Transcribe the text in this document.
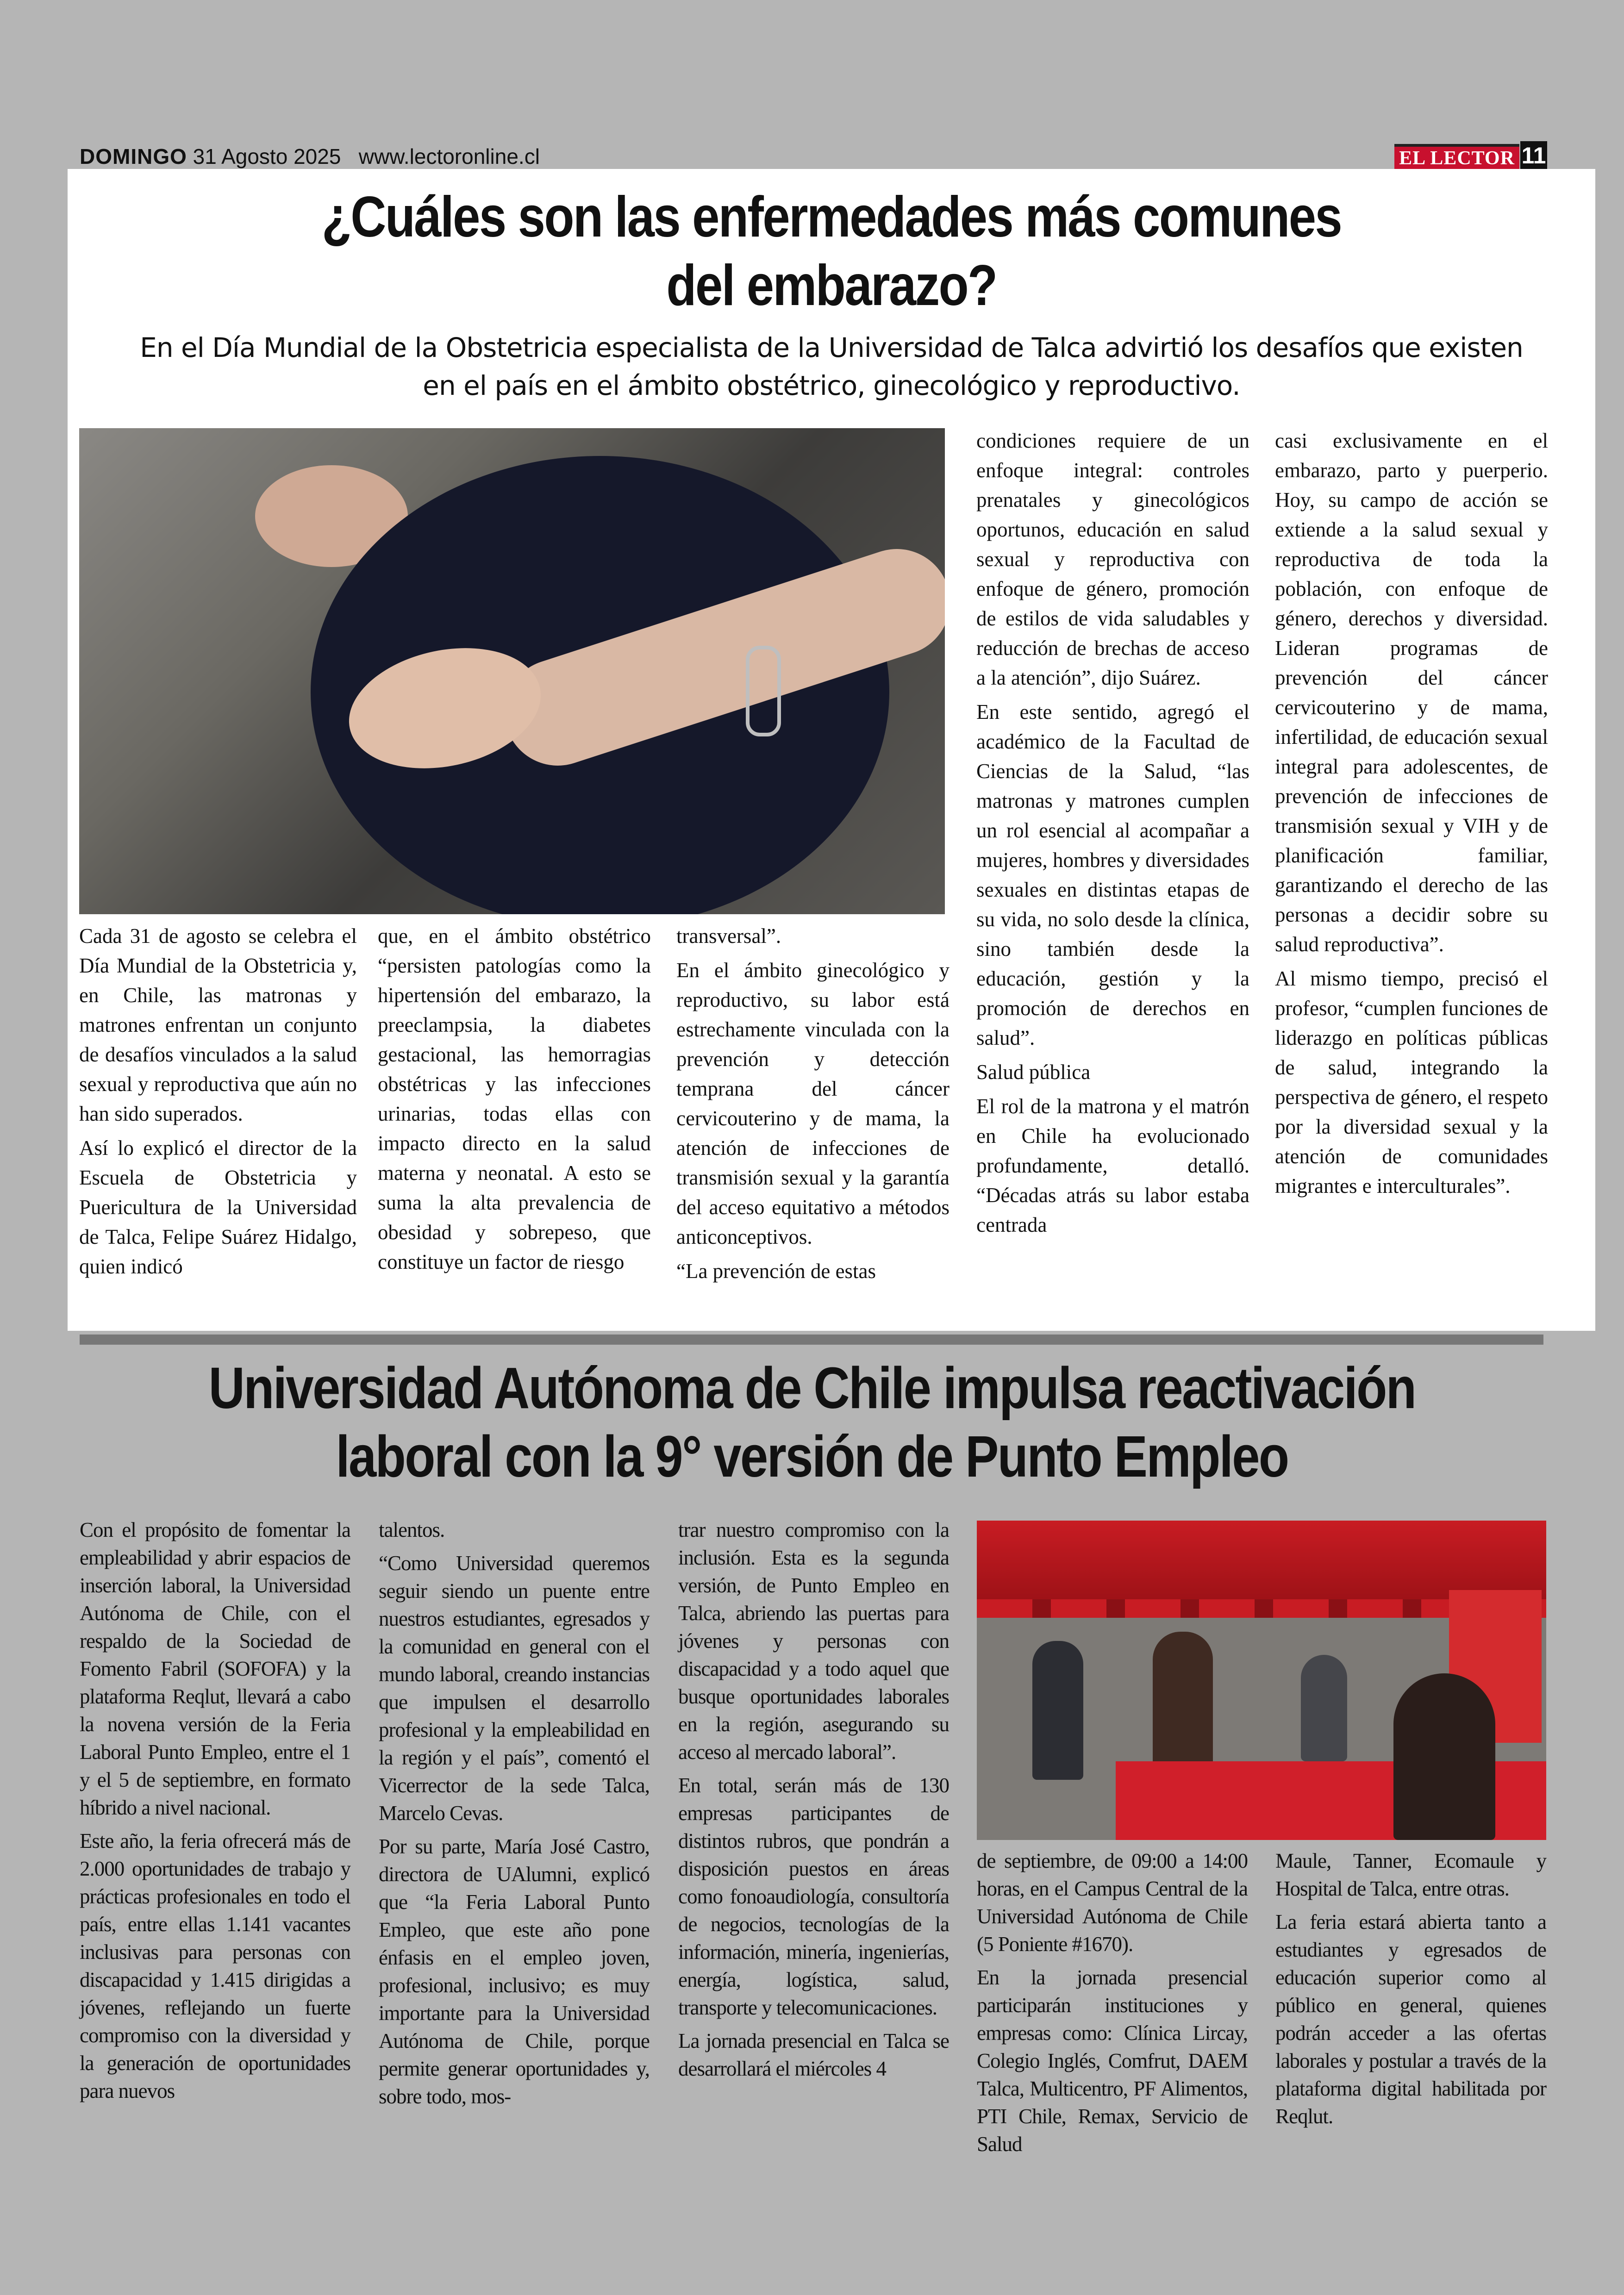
DOMINGO 31 Agosto 2025 www.lectoronline.cl	EL LECTOR 11
¿Cuáles son las enfermedades más comunes
del embarazo?

En el Día Mundial de la Obstetricia especialista de la Universidad de Talca advirtió los desafíos que existen
en el país en el ámbito obstétrico, ginecológico y reproductivo.

Cada 31 de agosto se celebra el Día Mundial de la Obstetricia y, en Chile, las matronas y matrones enfrentan un conjunto de desafíos vinculados a la salud sexual y reproductiva que aún no han sido superados.

Así lo explicó el director de la Escuela de Obstetricia y Puericultura de la Universidad de Talca, Felipe Suárez Hidalgo, quien indicó

que, en el ámbito obstétrico “persisten patologías como la hipertensión del embarazo, la preeclampsia, la diabetes gestacional, las hemorragias obstétricas y las infecciones urinarias, todas ellas con impacto directo en la salud materna y neonatal. A esto se suma la alta prevalencia de obesidad y sobrepeso, que constituye un factor de riesgo

transversal”.

En el ámbito ginecológico y reproductivo, su labor está estrechamente vinculada con la prevención y detección temprana del cáncer cervicouterino y de mama, la atención de infecciones de transmisión sexual y la garantía del acceso equitativo a métodos anticonceptivos.

“La prevención de estas

condiciones requiere de un enfoque integral: controles prenatales y ginecológicos oportunos, educación en salud sexual y reproductiva con enfoque de género, promoción de estilos de vida saludables y reducción de brechas de acceso a la atención”, dijo Suárez.

En este sentido, agregó el académico de la Facultad de Ciencias de la Salud, “las matronas y matrones cumplen un rol esencial al acompañar a mujeres, hombres y diversidades sexuales en distintas etapas de su vida, no solo desde la clínica, sino también desde la educación, gestión y la promoción de derechos en salud”.

Salud pública

El rol de la matrona y el matrón en Chile ha evolucionado profundamente, detalló. “Décadas atrás su labor estaba centrada

casi exclusivamente en el embarazo, parto y puerperio. Hoy, su campo de acción se extiende a la salud sexual y reproductiva de toda la población, con enfoque de género, derechos y diversidad. Lideran programas de prevención del cáncer cervicouterino y de mama, infertilidad, de educación sexual integral para adolescentes, de prevención de infecciones de transmisión sexual y VIH y de planificación familiar, garantizando el derecho de las personas a decidir sobre su salud reproductiva”.

Al mismo tiempo, precisó el profesor, “cumplen funciones de liderazgo en políticas públicas de salud, integrando la perspectiva de género, el respeto por la diversidad sexual y la atención de comunidades migrantes e interculturales”.

Universidad Autónoma de Chile impulsa reactivación
laboral con la 9° versión de Punto Empleo

Con el propósito de fomentar la empleabilidad y abrir espacios de inserción laboral, la Universidad Autónoma de Chile, con el respaldo de la Sociedad de Fomento Fabril (SOFOFA) y la plataforma Reqlut, llevará a cabo la novena versión de la Feria Laboral Punto Empleo, entre el 1 y el 5 de septiembre, en formato híbrido a nivel nacional.

Este año, la feria ofrecerá más de 2.000 oportunidades de trabajo y prácticas profesionales en todo el país, entre ellas 1.141 vacantes inclusivas para personas con discapacidad y 1.415 dirigidas a jóvenes, reflejando un fuerte compromiso con la diversidad y la generación de oportunidades para nuevos

talentos.

“Como Universidad queremos seguir siendo un puente entre nuestros estudiantes, egresados y la comunidad en general con el mundo laboral, creando instancias que impulsen el desarrollo profesional y la empleabilidad en la región y el país”, comentó el Vicerrector de la sede Talca, Marcelo Cevas.

Por su parte, María José Castro, directora de UAlumni, explicó que “la Feria Laboral Punto Empleo, que este año pone énfasis en el empleo joven, profesional, inclusivo; es muy importante para la Universidad Autónoma de Chile, porque permite generar oportunidades y, sobre todo, mos-

trar nuestro compromiso con la inclusión. Esta es la segunda versión, de Punto Empleo en Talca, abriendo las puertas para jóvenes y personas con discapacidad y a todo aquel que busque oportunidades laborales en la región, asegurando su acceso al mercado laboral”.

En total, serán más de 130 empresas participantes de distintos rubros, que pondrán a disposición puestos en áreas como fonoaudiología, consultoría de negocios, tecnologías de la información, minería, ingenierías, energía, logística, salud, transporte y telecomunicaciones.

La jornada presencial en Talca se desarrollará el miércoles 4

de septiembre, de 09:00 a 14:00 horas, en el Campus Central de la Universidad Autónoma de Chile (5 Poniente #1670).

En la jornada presencial participarán instituciones y empresas como: Clínica Lircay, Colegio Inglés, Comfrut, DAEM Talca, Multicentro, PF Alimentos, PTI Chile, Remax, Servicio de Salud

Maule, Tanner, Ecomaule y Hospital de Talca, entre otras.

La feria estará abierta tanto a estudiantes y egresados de educación superior como al público en general, quienes podrán acceder a las ofertas laborales y postular a través de la plataforma digital habilitada por Reqlut.
